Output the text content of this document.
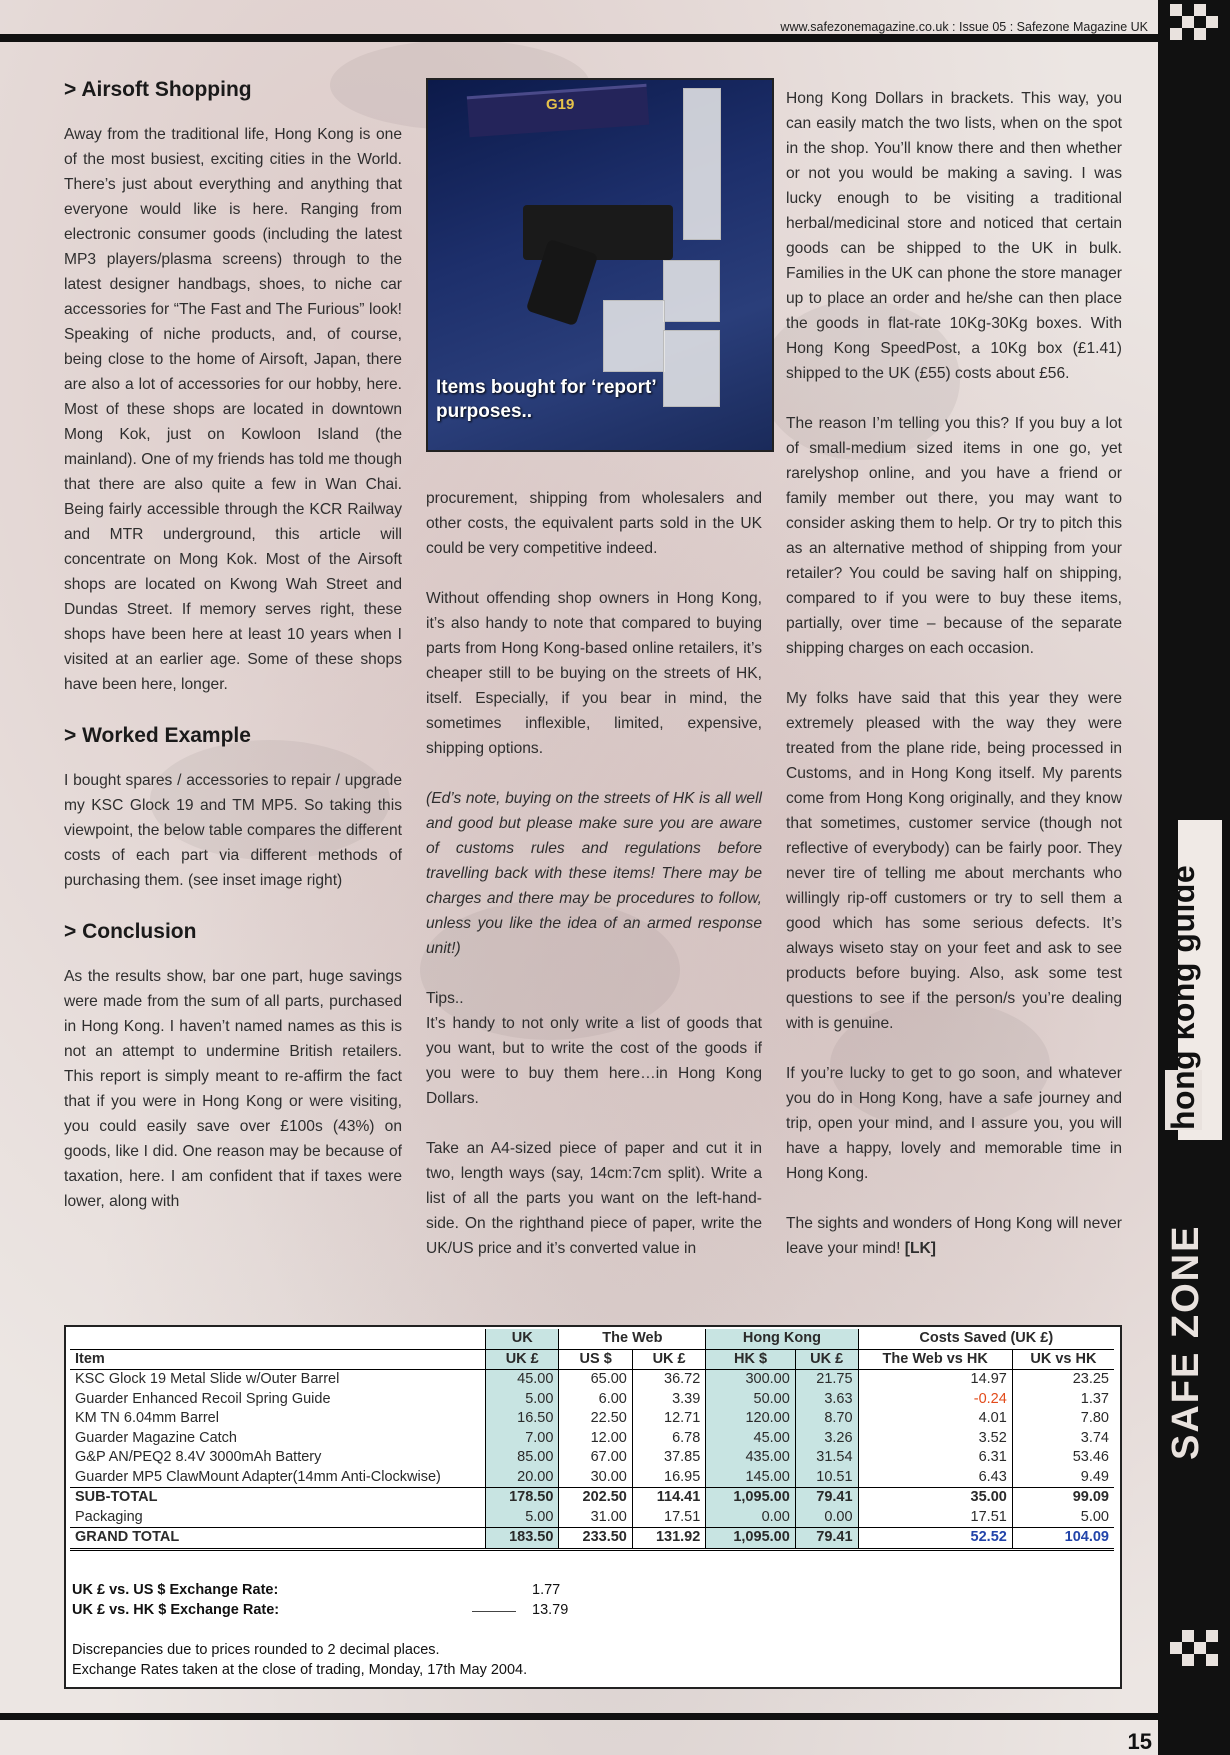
www.safezonemagazine.co.uk : Issue 05 : Safezone Magazine UK
hong
> Airsoft Shopping

Away from the traditional life, Hong Kong is one of the most busiest, exciting cities in the World. There’s just about everything and anything that everyone would like is here. Ranging from electronic consumer goods (including the latest MP3 players/plasma screens) through to the latest designer handbags, shoes, to niche car accessories for “The Fast and The Furious” look! Speaking of niche products, and, of course, being close to the home of Airsoft, Japan, there are also a lot of accessories for our hobby, here. Most of these shops are located in downtown Mong Kok, just on Kowloon Island (the mainland). One of my friends has told me though that there are also quite a few in Wan Chai. Being fairly accessible through the KCR Railway and MTR underground, this article will concentrate on Mong Kok. Most of the Airsoft shops are located on Kwong Wah Street and Dundas Street. If memory serves right, these shops have been here at least 10 years when I visited at an earlier age. Some of these shops have been here, longer.

> Worked Example

I bought spares / accessories to repair / upgrade my KSC Glock 19 and TM MP5. So taking this viewpoint, the below table compares the different costs of each part via different methods of purchasing them. (see inset image right)

> Conclusion

As the results show, bar one part, huge savings were made from the sum of all parts, purchased in Hong Kong. I haven’t named names as this is not an attempt to undermine British retailers. This report is simply meant to re-affirm the fact that if you were in Hong Kong or were visiting, you could easily save over £100s (43%) on goods, like I did. One reason may be because of taxation, here. I am confident that if taxes were lower, along with

G19
Items bought for ‘report’ purposes..

procurement, shipping from wholesalers and other costs, the equivalent parts sold in the UK could be very competitive indeed.

Without offending shop owners in Hong Kong, it’s also handy to note that compared to buying parts from Hong Kong-based online retailers, it’s cheaper still to be buying on the streets of HK, itself. Especially, if you bear in mind, the sometimes inflexible, limited, expensive, shipping options.

(Ed’s note, buying on the streets of HK is all well and good but please make sure you are aware of customs rules and regulations before travelling back with these items! There may be charges and there may be procedures to follow, unless you like the idea of an armed response unit!)

Tips..

It’s handy to not only write a list of goods that you want, but to write the cost of the goods if you were to buy them here…in Hong Kong Dollars.

Take an A4-sized piece of paper and cut it in two, length ways (say, 14cm:7cm split). Write a list of all the parts you want on the left-hand-side. On the righthand piece of paper, write the UK/US price and it’s converted value in

Hong Kong Dollars in brackets. This way, you can easily match the two lists, when on the spot in the shop. You’ll know there and then whether or not you would be making a saving. I was lucky enough to be visiting a traditional herbal/medicinal store and noticed that certain goods can be shipped to the UK in bulk. Families in the UK can phone the store manager up to place an order and he/she can then place the goods in flat-rate 10Kg-30Kg boxes. With Hong Kong SpeedPost, a 10Kg box (£1.41) shipped to the UK (£55) costs about £56.

The reason I’m telling you this? If you buy a lot of small-medium sized items in one go, yet rarelyshop online, and you have a friend or family member out there, you may want to consider asking them to help. Or try to pitch this as an alternative method of shipping from your retailer? You could be saving half on shipping, compared to if you were to buy these items, partially, over time – because of the separate shipping charges on each occasion.

My folks have said that this year they were extremely pleased with the way they were treated from the plane ride, being processed in Customs, and in Hong Kong itself. My parents come from Hong Kong originally, and they know that sometimes, customer service (though not reflective of everybody) can be fairly poor. They never tire of telling me about merchants who willingly rip-off customers or try to sell them a good which has some serious defects. It’s always wiseto stay on your feet and ask to see products before buying. Also, ask some test questions to see if the person/s you’re dealing with is genuine.

If you’re lucky to get to go soon, and whatever you do in Hong Kong, have a safe journey and trip, open your mind, and I assure you, you will have a happy, lovely and memorable time in Hong Kong.

The sights and wonders of Hong Kong will never leave your mind! [LK]

	UK	The Web		Hong Kong		Costs Saved (UK £)	
Item	UK £	US $	UK £	HK $	UK £	The Web vs HK	UK vs HK
KSC Glock 19 Metal Slide w/Outer Barrel	45.00	65.00	36.72	300.00	21.75	14.97	23.25
Guarder Enhanced Recoil Spring Guide	5.00	6.00	3.39	50.00	3.63	-0.24	1.37
KM TN 6.04mm Barrel	16.50	22.50	12.71	120.00	8.70	4.01	7.80
Guarder Magazine Catch	7.00	12.00	6.78	45.00	3.26	3.52	3.74
G&P AN/PEQ2 8.4V 3000mAh Battery	85.00	67.00	37.85	435.00	31.54	6.31	53.46
Guarder MP5 ClawMount Adapter(14mm Anti-Clockwise)	20.00	30.00	16.95	145.00	10.51	6.43	9.49
SUB-TOTAL	178.50	202.50	114.41	1,095.00	79.41	35.00	99.09
Packaging	5.00	31.00	17.51	0.00	0.00	17.51	5.00
GRAND TOTAL	183.50	233.50	131.92	1,095.00	79.41	52.52	104.09
UK £ vs. US $ Exchange Rate:	1.77
UK £ vs. HK $ Exchange Rate:	13.79
Discrepancies due to prices rounded to 2 decimal places.
Exchange Rates taken at the close of trading, Monday, 17th May 2004.
15
